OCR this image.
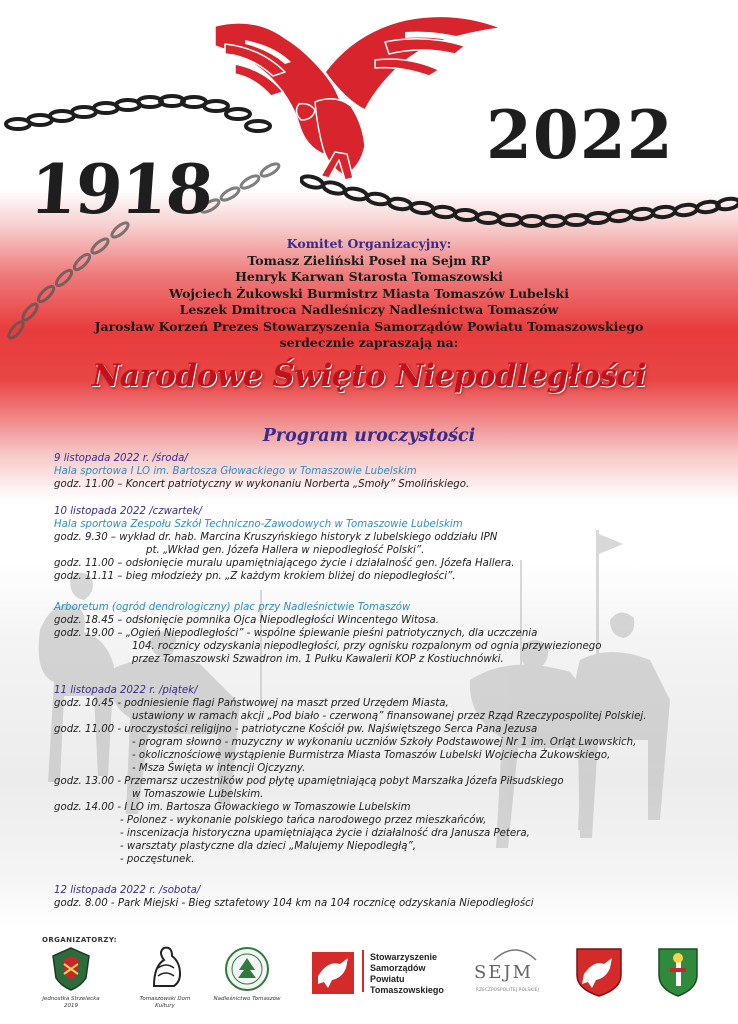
1918
2022
Komitet Organizacyjny:
Tomasz Zieliński Poseł na Sejm RP
Henryk Karwan Starosta Tomaszowski
Wojciech Żukowski Burmistrz Miasta Tomaszów Lubelski
Leszek Dmitroca Nadleśniczy Nadleśnictwa Tomaszów
Jarosław Korzeń Prezes Stowarzyszenia Samorządów Powiatu Tomaszowskiego
serdecznie zapraszają na:
Narodowe Święto Niepodległości
Program uroczystości
9 listopada 2022 r. /środa/
Hala sportowa I LO im. Bartosza Głowackiego w Tomaszowie Lubelskim
godz. 11.00 – Koncert patriotyczny w wykonaniu Norberta „Smoły” Smolińskiego.
10 listopada 2022 /czwartek/
Hala sportowa Zespołu Szkół Techniczno-Zawodowych w Tomaszowie Lubelskim
godz. 9.30 – wykład dr. hab. Marcina Kruszyńskiego historyk z lubelskiego oddziału IPN
pt. „Wkład gen. Józefa Hallera w niepodległość Polski”.
godz. 11.00 – odsłonięcie muralu upamiętniającego życie i działalność gen. Józefa Hallera.
godz. 11.11 – bieg młodzieży pn. „Z każdym krokiem bliżej do niepodległości”.
Arboretum (ogród dendrologiczny) plac przy Nadleśnictwie Tomaszów
godz. 18.45 – odsłonięcie pomnika Ojca Niepodległości Wincentego Witosa.
godz. 19.00 – „Ogień Niepodległości” - wspólne śpiewanie pieśni patriotycznych, dla uczczenia
104. rocznicy odzyskania niepodległości, przy ognisku rozpalonym od ognia przywiezionego
przez Tomaszowski Szwadron im. 1 Pułku Kawalerii KOP z Kostiuchnówki.
11 listopada 2022 r. /piątek/
godz. 10.45 - podniesienie flagi Państwowej na maszt przed Urzędem Miasta,
ustawiony w ramach akcji „Pod biało - czerwoną” finansowanej przez Rząd Rzeczypospolitej Polskiej.
godz. 11.00 - uroczystości religijno - patriotyczne Kościół pw. Najświętszego Serca Pana Jezusa
- program słowno - muzyczny w wykonaniu uczniów Szkoły Podstawowej Nr 1 im. Orląt Lwowskich,
- okolicznościowe wystąpienie Burmistrza Miasta Tomaszów Lubelski Wojciecha Żukowskiego,
- Msza Święta w intencji Ojczyzny.
godz. 13.00 - Przemarsz uczestników pod płytę upamiętniającą pobyt Marszałka Józefa Piłsudskiego
w Tomaszowie Lubelskim.
godz. 14.00 - I LO im. Bartosza Głowackiego w Tomaszowie Lubelskim
- Polonez - wykonanie polskiego tańca narodowego przez mieszkańców,
- inscenizacja historyczna upamiętniająca życie i działalność dra Janusza Petera,
- warsztaty plastyczne dla dzieci „Malujemy Niepodległą”,
- poczęstunek.
12 listopada 2022 r. /sobota/
godz. 8.00 - Park Miejski - Bieg sztafetowy 104 km na 104 rocznicę odzyskania Niepodległości
ORGANIZATORZY:
Jednostka Strzelecka 2019
Tomaszowski Dom Kultury
Nadleśnictwo Tomaszów
Stowarzyszenie
Samorządów
Powiatu
Tomaszowskiego
SEJM
RZECZPOSPOLITEJ POLSKIEJ
